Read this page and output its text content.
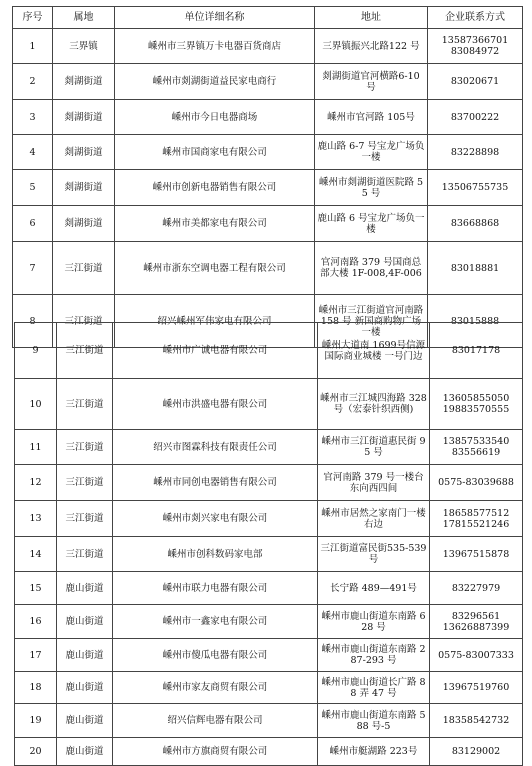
序号	属地	单位详细名称	地址	企业联系方式
1	三界镇	嵊州市三界镇万卡电器百货商店	三界镇振兴北路122 号	13587366701
83084972
2	剡湖街道	嵊州市剡湖街道益民家电商行	剡湖街道官河横路6-10 号	83020671
3	剡湖街道	嵊州市今日电器商场	嵊州市官河路 105号	83700222
4	剡湖街道	嵊州市国商家电有限公司	鹿山路 6-7 号宝龙广场负一楼	83228898
5	剡湖街道	嵊州市创新电器销售有限公司	嵊州市剡湖街道医院路 55 号	13506755735
6	剡湖街道	嵊州市美都家电有限公司	鹿山路 6 号宝龙广场负一楼	83668868
7	三江街道	嵊州市浙东空调电器工程有限公司	官河南路 379 号国商总部大楼 1F-008,4F-006	83018881
8	三江街道	绍兴嵊州军伟家电有限公司	嵊州市三江街道官河南路 158 号 新国商购物广场一楼	83015888
9	三江街道	嵊州市广诚电器有限公司	嵊州大道南 1699号信源国际商业城楼 一号门边	83017178
10	三江街道	嵊州市洪盛电器有限公司	嵊州市三江城四海路 328 号（宏泰针织西侧)	13605855050
19883570555
11	三江街道	绍兴市图霖科技有限责任公司	嵊州市三江街道惠民街 95 号	13857533540
83556619
12	三江街道	嵊州市同创电器销售有限公司	官河南路 379 号一楼台东向西四间	0575-83039688
13	三江街道	嵊州市剡兴家电有限公司	嵊州市居然之家南门一楼右边	18658577512
17815521246
14	三江街道	嵊州市创科数码家电部	三江街道富民街535-539 号	13967515878
15	鹿山街道	嵊州市联力电器有限公司	长宁路 489—491号	83227979
16	鹿山街道	嵊州市一鑫家电有限公司	嵊州市鹿山街道东南路 628 号	83296561
13626887399
17	鹿山街道	嵊州市傻瓜电器有限公司	嵊州市鹿山街道东南路 287-293 号	0575-83007333
18	鹿山街道	嵊州市家友商贸有限公司	嵊州市鹿山街道长广路 88 弄 47 号	13967519760
19	鹿山街道	绍兴信辉电器有限公司	嵊州市鹿山街道东南路 588 号-5	18358542732
20	鹿山街道	嵊州市方旗商贸有限公司	嵊州市艇湖路 223号	83129002
